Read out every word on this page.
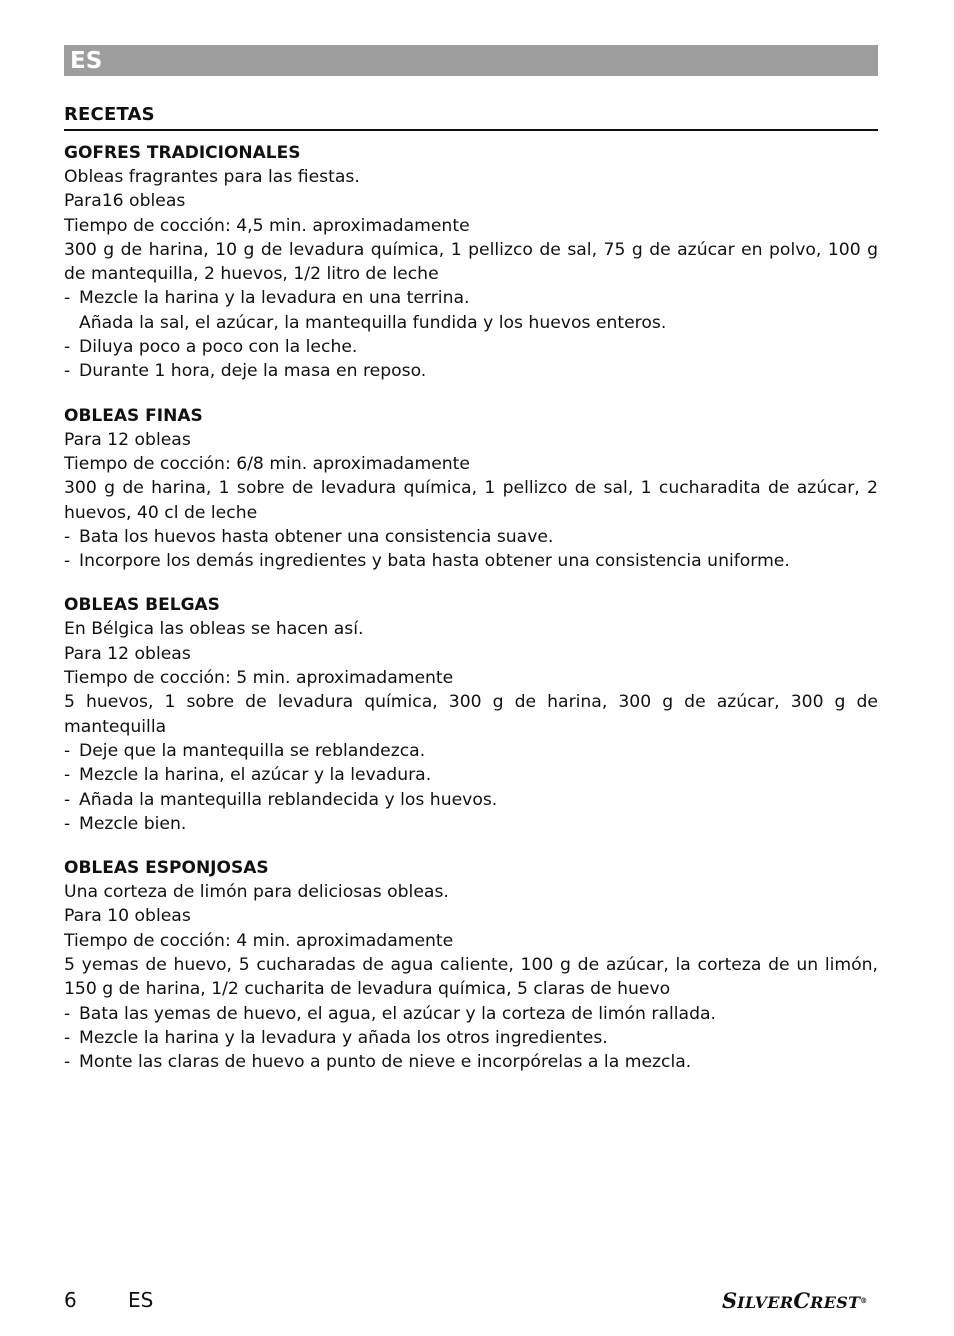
ES
RECETAS
GOFRES TRADICIONALES
Obleas fragrantes para las fiestas.
Para16 obleas
Tiempo de cocción: 4,5 min. aproximadamente
300 g de harina, 10 g de levadura química, 1 pellizco de sal, 75 g de azúcar en polvo, 100 g de mantequilla, 2 huevos, 1/2 litro de leche
- Mezcle la harina y la levadura en una terrina.
Añada la sal, el azúcar, la mantequilla fundida y los huevos enteros.
- Diluya poco a poco con la leche.
- Durante 1 hora, deje la masa en reposo.
OBLEAS FINAS
Para 12 obleas
Tiempo de cocción: 6/8 min. aproximadamente
300 g de harina, 1 sobre de levadura química, 1 pellizco de sal, 1 cucharadita de azúcar, 2 huevos, 40 cl de leche
- Bata los huevos hasta obtener una consistencia suave.
- Incorpore los demás ingredientes y bata hasta obtener una consistencia uniforme.
OBLEAS BELGAS
En Bélgica las obleas se hacen así.
Para 12 obleas
Tiempo de cocción: 5 min. aproximadamente
5 huevos, 1 sobre de levadura química, 300 g de harina, 300 g de azúcar, 300 g de mantequilla
- Deje que la mantequilla se reblandezca.
- Mezcle la harina, el azúcar y la levadura.
- Añada la mantequilla reblandecida y los huevos.
- Mezcle bien.
OBLEAS ESPONJOSAS
Una corteza de limón para deliciosas obleas.
Para 10 obleas
Tiempo de cocción: 4 min. aproximadamente
5 yemas de huevo, 5 cucharadas de agua caliente, 100 g de azúcar, la corteza de un limón, 150 g de harina, 1/2 cucharita de levadura química, 5 claras de huevo
- Bata las yemas de huevo, el agua, el azúcar y la corteza de limón rallada.
- Mezcle la harina y la levadura y añada los otros ingredientes.
- Monte las claras de huevo a punto de nieve e incorpórelas a la mezcla.
6	ES	SILVERCREST®
